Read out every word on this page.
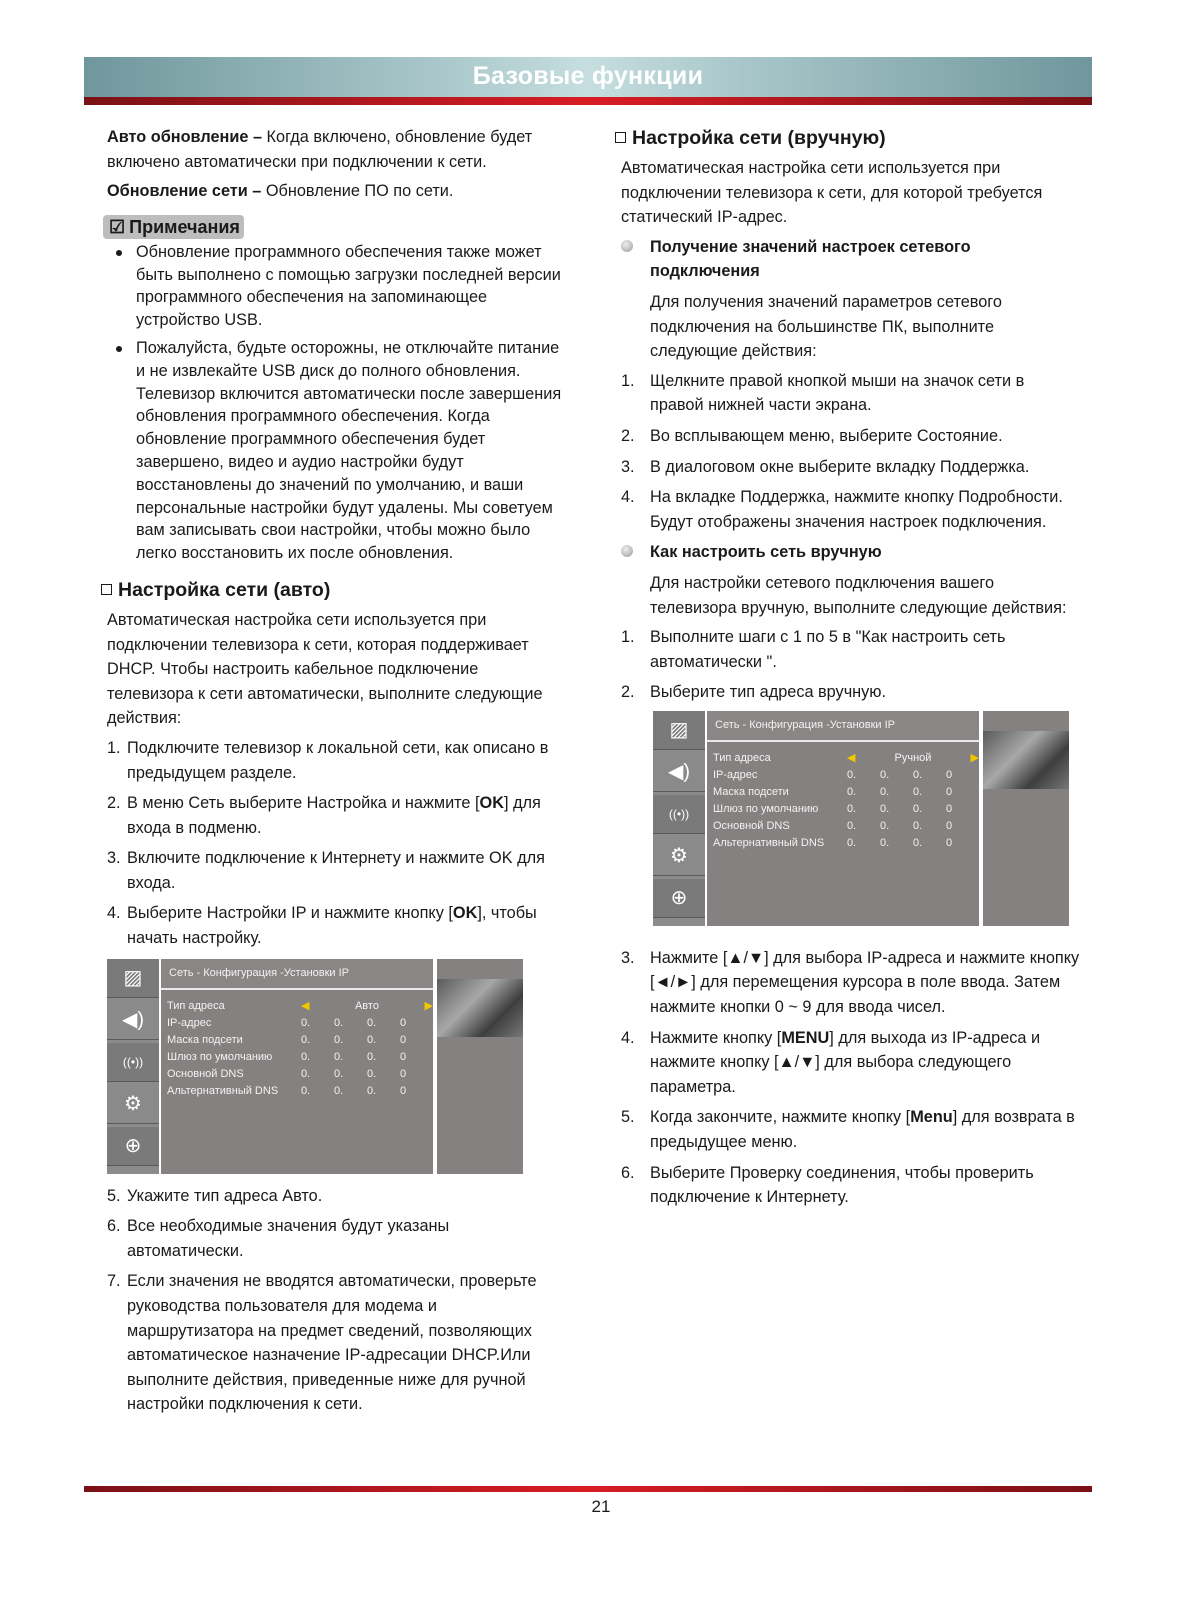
Базовые функции

Авто обновление – Когда включено, обновление будет включено автоматически при подключении к сети.

Обновление сети – Обновление ПО по сети.

☑ Примечания
Обновление программного обеспечения также может быть выполнено с помощью загрузки последней версии программного обеспечения на запоминающее устройство USB.
Пожалуйста, будьте осторожны, не отключайте питание и не извлекайте USB диск до полного обновления. Телевизор включится автоматически после завершения обновления программного обеспечения. Когда обновление программного обеспечения будет завершено, видео и аудио настройки будут восстановлены до значений по умолчанию, и ваши персональные настройки будут удалены. Мы советуем вам записывать свои настройки, чтобы можно было легко восстановить их после обновления.
Настройка сети (авто)

Автоматическая настройка сети используется при подключении телевизора к сети, которая поддерживает DHCP. Чтобы настроить кабельное подключение телевизора к сети автоматически, выполните следующие действия:

1. Подключите телевизор к локальной сети, как описано в предыдущем разделе.
2. В меню Сеть выберите Настройка и нажмите [OK] для входа в подменю.
3. Включите подключение к Интернету и нажмите OK для входа.
4. Выберите Настройки IP и нажмите кнопку [OK], чтобы начать настройку.
▨
◀)
((•))
⚙
⊕
Сеть - Конфигурация -Установки IP
Тип адреса	◀	Авто	▶
IP-адрес	0.	0.	0.	0
Маска подсети	0.	0.	0.	0
Шлюз по умолчанию	0.	0.	0.	0
Основной DNS	0.	0.	0.	0
Альтернативный DNS	0.	0.	0.	0
5. Укажите тип адреса Авто.
6. Все необходимые значения будут указаны автоматически.
7. Если значения не вводятся автоматически, проверьте руководства пользователя для модема и маршрутизатора на предмет сведений, позволяющих автоматическое назначение IP-адресации DHCP.Или выполните действия, приведенные ниже для ручной настройки подключения к сети.
Настройка сети (вручную)

Автоматическая настройка сети используется при подключении телевизора к сети, для которой требуется статический IP-адрес.

Получение значений настроек сетевого подключения

Для получения значений параметров сетевого подключения на большинстве ПК, выполните следующие действия:

1. Щелкните правой кнопкой мыши на значок сети в правой нижней части экрана.
2. Во всплывающем меню, выберите Состояние.
3. В диалоговом окне выберите вкладку Поддержка.
4. На вкладке Поддержка, нажмите кнопку Подробности. Будут отображены значения настроек подключения.
Как настроить сеть вручную

Для настройки сетевого подключения вашего телевизора вручную, выполните следующие действия:

1. Выполните шаги с 1 по 5 в "Как настроить сеть автоматически ".
2. Выберите тип адреса вручную.
▨
◀)
((•))
⚙
⊕
Сеть - Конфигурация -Установки IP
Тип адреса	◀	Ручной	▶
IP-адрес	0.	0.	0.	0
Маска подсети	0.	0.	0.	0
Шлюз по умолчанию	0.	0.	0.	0
Основной DNS	0.	0.	0.	0
Альтернативный DNS	0.	0.	0.	0
3. Нажмите [▲/▼] для выбора IP-адреса и нажмите кнопку [◄/►] для перемещения курсора в поле ввода. Затем нажмите кнопки 0 ~ 9 для ввода чисел.
4. Нажмите кнопку [MENU] для выхода из IP-адреса и нажмите кнопку [▲/▼] для выбора следующего параметра.
5. Когда закончите, нажмите кнопку [Menu] для возврата в предыдущее меню.
6. Выберите Проверку соединения, чтобы проверить подключение к Интернету.
21
